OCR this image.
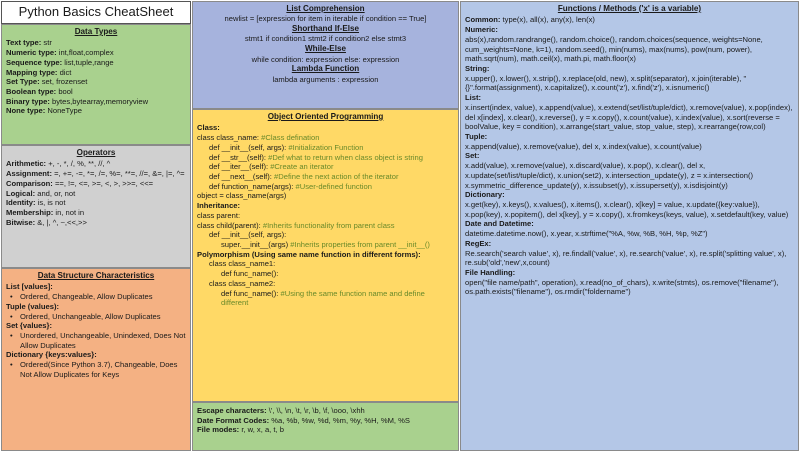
Python Basics CheatSheet
Data Types
Text type: str
Numeric type: int,float,complex
Sequence type: list,tuple,range
Mapping type: dict
Set Type: set, frozenset
Boolean type: bool
Binary type: bytes,bytearray,memoryview
None type: NoneType
Operators
Arithmetic: +, -, *, /, %, **, //, ^
Assignment: =, +=, -=, *=, /=, %=, **=, //=, &=, |=, ^=
Comparison: ==, !=, <=, >=, <, >, >>=, <<=
Logical: and, or, not
Identity: is, is not
Membership: in, not in
Bitwise: &, |, ^, ~,<<,>>
Data Structure Characteristics
List [values]:
• Ordered, Changeable, Allow Duplicates
Tuple (values):
• Ordered, Unchangeable, Allow Duplicates
Set {values}:
• Unordered, Unchangeable, Unindexed, Does Not Allow Duplicates
Dictionary {keys:values}:
• Ordered(Since Python 3.7), Changeable, Does Not Allow Duplicates for Keys
List Comprehension
newlist = [expression for item in iterable if condition == True]
Shorthand If-Else
stmt1 if condition1 stmt2 if condition2 else stmt3
While-Else
while condition: expression else: expression
Lambda Function
lambda arguments : expression
Object Oriented Programming
Class:
class class_name: #Class defination
def __init__(self, args): #Initialization Function
def __str__(self): #Def what to return when class object is string
def __iter__(self): #Create an iterator
def __next__(self): #Define the next action of the iterator
def function_name(args): #User-defined function
object = class_name(args)
Inheritance:
class parent:
class child(parent): #Inherits functionality from parent class
def __init__(self, args):
super.__init__(args) #Inherits properties from parent __init__()
Polymorphism (Using same name function in different forms):
class class_name1:
def func_name():
class class_name2:
def func_name(): #Using the same function name and define different
Escape characters: \', \\, \n, \t, \r, \b, \f, \ooo, \xhh
Date Format Codes: %a, %b, %w, %d, %m, %y, %H, %M, %S
File modes: r, w, x, a, t, b
Functions / Methods ('x' is a variable)
Common: type(x), all(x), any(x), len(x)
Numeric:
abs(x),random.randrange(), random.choice(), random.choices(sequence, weights=None, cum_weights=None, k=1), random.seed(), min(nums), max(nums), pow(num, power), math.sqrt(num), math.ceil(x), math.pi, math.floor(x)
String:
x.upper(), x.lower(), x.strip(), x.replace(old, new), x.split(separator), x.join(iterable), "{}".format(assignment), x.capitalize(), x.count('z'), x.find('z'), x.isnumeric()
List:
x.insert(index, value), x.append(value), x.extend(set/list/tuple/dict), x.remove(value), x.pop(index), del x[index], x.clear(), x.reverse(), y = x.copy(), x.count(value), x.index(value), x.sort(reverse = boolValue, key = condition), x.arrange(start_value, stop_value, step), x.rearrange(row,col)
Tuple:
x.append(value), x.remove(value), del x, x.index(value), x.count(value)
Set:
x.add(value), x.remove(value), x.discard(value), x.pop(), x.clear(), del x, x.update(set/list/tuple/dict), x.union(set2), x.intersection_update(y), z = x.intersection() x.symmetric_difference_update(y), x.issubset(y), x.issuperset(y), x.isdisjoint(y)
Dictionary:
x.get(key), x.keys(), x.values(), x.items(), x.clear(), x[key] = value, x.update({key:value}), x.pop(key), x.popitem(), del x[key], y = x.copy(), x.fromkeys(keys, value), x.setdefault(key, value)
Date and Datetime:
datetime.datetime.now(), x.year, x.strftime("%A, %w, %B, %H, %p, %Z")
RegEx:
Re.search('search value', x), re.findall('value', x), re.search('value', x), re.split('splitting value', x), re.sub('old','new',x,count)
File Handling:
open("file name/path", operation), x.read(no_of_chars), x.write(stmts), os.remove("filename"), os.path.exists("filename"), os.rmdir("foldername")
